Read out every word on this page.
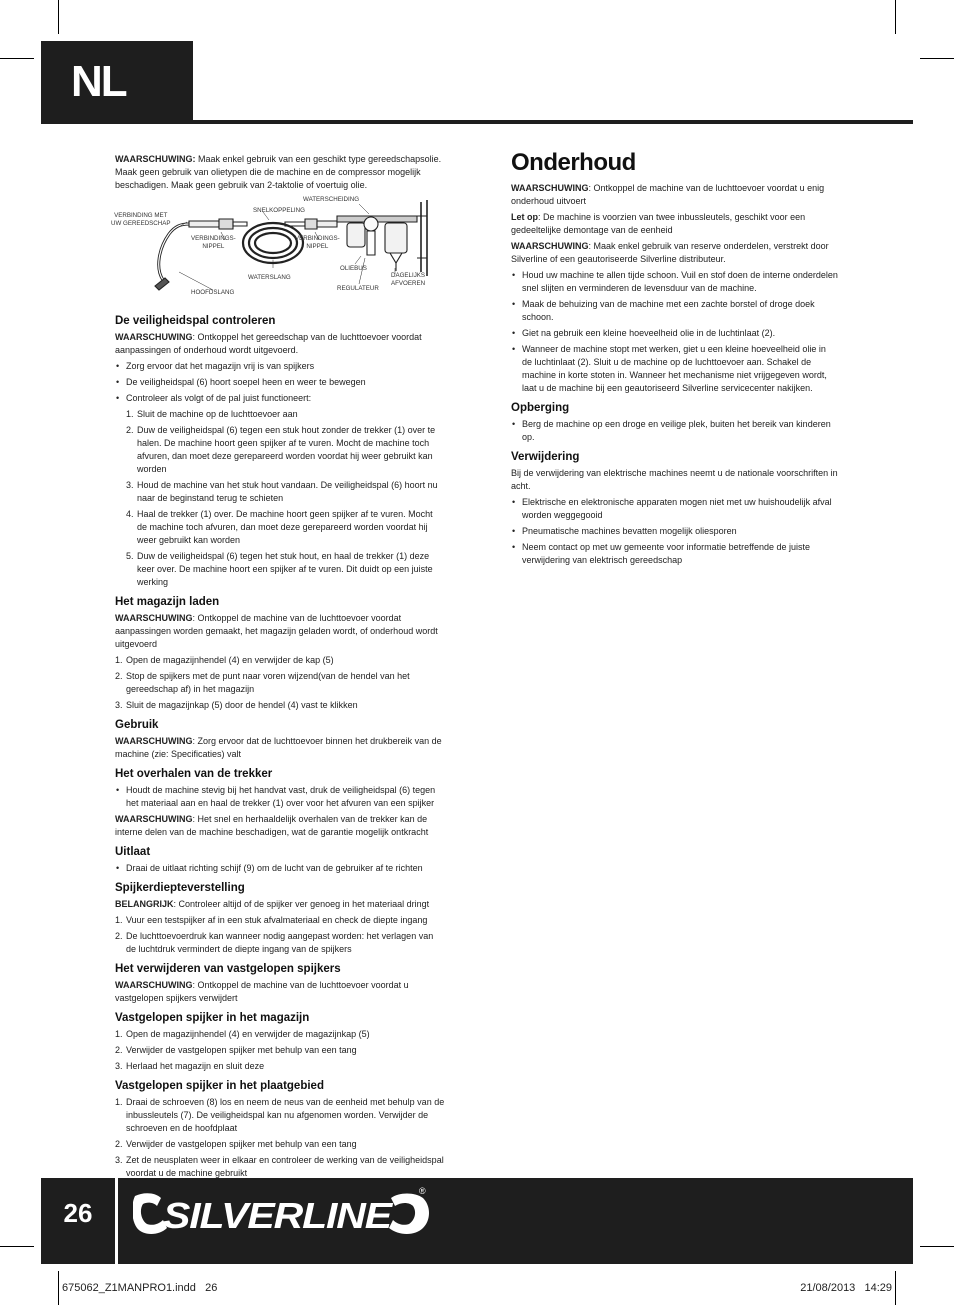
NL

WAARSCHUWING: Maak enkel gebruik van een geschikt type gereedschapsolie. Maak geen gebruik van olietypen die de machine en de compressor mogelijk beschadigen. Maak geen gebruik van 2-taktolie of voertuig olie.

VERBINDING MET
UW GEREEDSCHAP
VERBINDINGS-
NIPPEL
SNELKOPPELING
WATERSCHEIDING
VERBINDINGS-
NIPPEL
OLIEBUS
DAGELIJKS
AFVOEREN
WATERSLANG
REGULATEUR
HOOFDSLANG
De veiligheidspal controleren

WAARSCHUWING: Ontkoppel het gereedschap van de luchttoevoer voordat aanpassingen of onderhoud wordt uitgevoerd.

• Zorg ervoor dat het magazijn vrij is van spijkers
• De veiligheidspal (6) hoort soepel heen en weer te bewegen
• Controleer als volgt of de pal juist functioneert:
1. Sluit de machine op de luchttoevoer aan
2. Duw de veiligheidspal (6) tegen een stuk hout zonder de trekker (1) over te halen. De machine hoort geen spijker af te vuren. Mocht de machine toch afvuren, dan moet deze gerepareerd worden voordat hij weer gebruikt kan worden
3. Houd de machine van het stuk hout vandaan. De veiligheidspal (6) hoort nu naar de beginstand terug te schieten
4. Haal de trekker (1) over. De machine hoort geen spijker af te vuren. Mocht de machine toch afvuren, dan moet deze gerepareerd worden voordat hij weer gebruikt kan worden
5. Duw de veiligheidspal (6) tegen het stuk hout, en haal de trekker (1) deze keer over. De machine hoort een spijker af te vuren. Dit duidt op een juiste werking
Het magazijn laden

WAARSCHUWING: Ontkoppel de machine van de luchttoevoer voordat aanpassingen worden gemaakt, het magazijn geladen wordt, of onderhoud wordt uitgevoerd

1. Open de magazijnhendel (4) en verwijder de kap (5)
2. Stop de spijkers met de punt naar voren wijzend(van de hendel van het gereedschap af) in het magazijn
3. Sluit de magazijnkap (5) door de hendel (4) vast te klikken
Gebruik

WAARSCHUWING: Zorg ervoor dat de luchttoevoer binnen het drukbereik van de machine (zie: Specificaties) valt

Het overhalen van de trekker
• Houdt de machine stevig bij het handvat vast, druk de veiligheidspal (6) tegen het materiaal aan en haal de trekker (1) over voor het afvuren van een spijker

WAARSCHUWING: Het snel en herhaaldelijk overhalen van de trekker kan de interne delen van de machine beschadigen, wat de garantie mogelijk ontkracht

Uitlaat
• Draai de uitlaat richting schijf (9) om de lucht van de gebruiker af te richten
Spijkerdiepteverstelling

BELANGRIJK: Controleer altijd of de spijker ver genoeg in het materiaal dringt

1. Vuur een testspijker af in een stuk afvalmateriaal en check de diepte ingang
2. De luchttoevoerdruk kan wanneer nodig aangepast worden: het verlagen van de luchtdruk vermindert de diepte ingang van de spijkers
Het verwijderen van vastgelopen spijkers

WAARSCHUWING: Ontkoppel de machine van de luchttoevoer voordat u vastgelopen spijkers verwijdert

Vastgelopen spijker in het magazijn
1. Open de magazijnhendel (4) en verwijder de magazijnkap (5)
2. Verwijder de vastgelopen spijker met behulp van een tang
3. Herlaad het magazijn en sluit deze
Vastgelopen spijker in het plaatgebied
1. Draai de schroeven (8) los en neem de neus van de eenheid met behulp van de inbussleutels (7). De veiligheidspal kan nu afgenomen worden. Verwijder de schroeven en de hoofdplaat
2. Verwijder de vastgelopen spijker met behulp van een tang
3. Zet de neusplaten weer in elkaar en controleer de werking van de veiligheidspal voordat u de machine gebruikt
Onderhoud

WAARSCHUWING: Ontkoppel de machine van de luchttoevoer voordat u enig onderhoud uitvoert

Let op: De machine is voorzien van twee inbussleutels, geschikt voor een gedeeltelijke demontage van de eenheid

WAARSCHUWING: Maak enkel gebruik van reserve onderdelen, verstrekt door Silverline of een geautoriseerde Silverline distributeur.

• Houd uw machine te allen tijde schoon. Vuil en stof doen de interne onderdelen snel slijten en verminderen de levensduur van de machine.
• Maak de behuizing van de machine met een zachte borstel of droge doek schoon.
• Giet na gebruik een kleine hoeveelheid olie in de luchtinlaat (2).
• Wanneer de machine stopt met werken, giet u een kleine hoeveelheid olie in de luchtinlaat (2). Sluit u de machine op de luchttoevoer aan. Schakel de machine in korte stoten in. Wanneer het mechanisme niet vrijgegeven wordt, laat u de machine bij een geautoriseerd Silverline servicecenter nakijken.
Opberging
• Berg de machine op een droge en veilige plek, buiten het bereik van kinderen op.
Verwijdering

Bij de verwijdering van elektrische machines neemt u de nationale voorschriften in acht.

• Elektrische en elektronische apparaten mogen niet met uw huishoudelijk afval worden weggegooid
• Pneumatische machines bevatten mogelijk oliesporen
• Neem contact op met uw gemeente voor informatie betreffende de juiste verwijdering van elektrisch gereedschap
26	SILVERLINE
®
675062_Z1MANPRO1.indd   26	21/08/2013   14:29
